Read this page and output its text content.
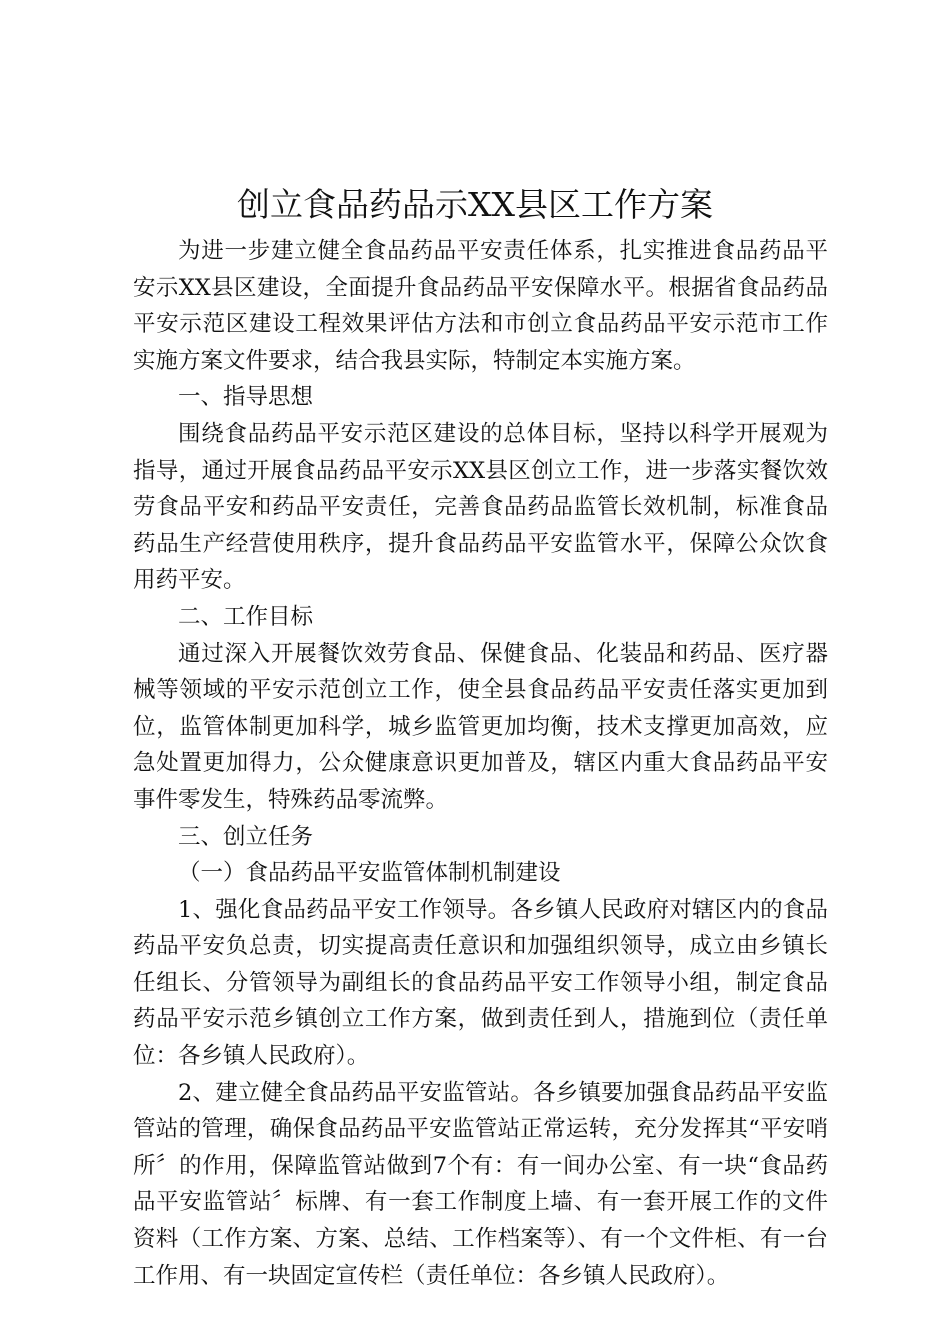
创立食品药品示XX县区工作方案

为进一步建立健全食品药品平安责任体系，扎实推进食品药品平安示XX县区建设，全面提升食品药品平安保障水平。根据省食品药品平安示范区建设工程效果评估方法和市创立食品药品平安示范市工作实施方案文件要求，结合我县实际，特制定本实施方案。

一、指导思想

围绕食品药品平安示范区建设的总体目标，坚持以科学开展观为指导，通过开展食品药品平安示XX县区创立工作，进一步落实餐饮效劳食品平安和药品平安责任，完善食品药品监管长效机制，标准食品药品生产经营使用秩序，提升食品药品平安监管水平，保障公众饮食用药平安。

二、工作目标

通过深入开展餐饮效劳食品、保健食品、化装品和药品、医疗器械等领域的平安示范创立工作，使全县食品药品平安责任落实更加到位，监管体制更加科学，城乡监管更加均衡，技术支撑更加高效，应急处置更加得力，公众健康意识更加普及，辖区内重大食品药品平安事件零发生，特殊药品零流弊。

三、创立任务

（一）食品药品平安监管体制机制建设

1、强化食品药品平安工作领导。各乡镇人民政府对辖区内的食品药品平安负总责，切实提高责任意识和加强组织领导，成立由乡镇长任组长、分管领导为副组长的食品药品平安工作领导小组，制定食品药品平安示范乡镇创立工作方案，做到责任到人，措施到位（责任单位：各乡镇人民政府）。

2、建立健全食品药品平安监管站。各乡镇要加强食品药品平安监管站的管理，确保食品药品平安监管站正常运转，充分发挥其“平安哨所〞的作用，保障监管站做到7个有：有一间办公室、有一块“食品药品平安监管站〞标牌、有一套工作制度上墙、有一套开展工作的文件资料（工作方案、方案、总结、工作档案等）、有一个文件柜、有一台工作用、有一块固定宣传栏（责任单位：各乡镇人民政府）。
